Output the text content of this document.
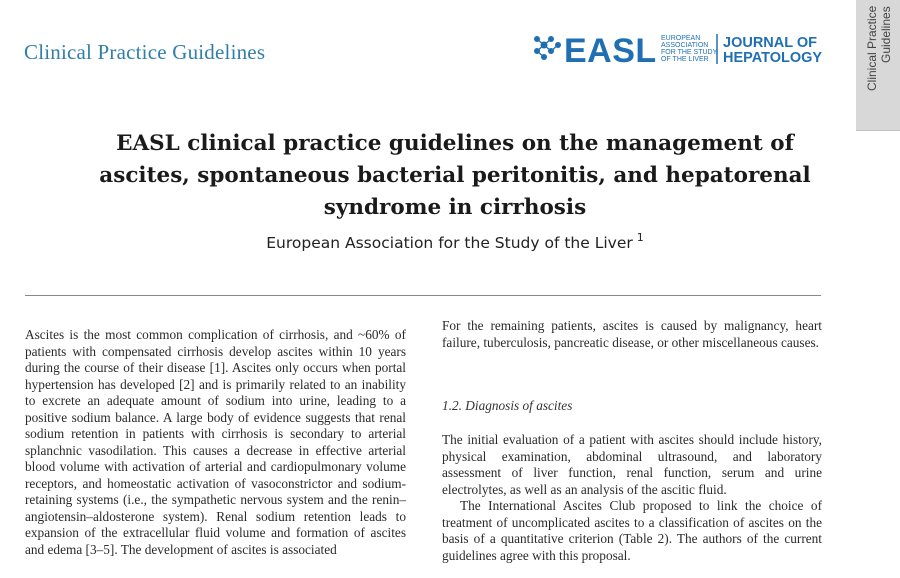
Clinical Practice Guidelines	EASL EUROPEAN
ASSOCIATION
FOR THE STUDY
OF THE LIVER
JOURNAL OF
HEPATOLOGY	Clinical Practice
Guidelines
EASL clinical practice guidelines on the management of
ascites, spontaneous bacterial peritonitis, and hepatorenal
syndrome in cirrhosis
European Association for the Study of the Liver $^1$

Ascites is the most common complication of cirrhosis, and ~60% of patients with compensated cirrhosis develop ascites within 10 years during the course of their disease [1]. Ascites only occurs when portal hypertension has developed [2] and is primarily related to an inability to excrete an adequate amount of sodium into urine, leading to a positive sodium balance. A large body of evidence suggests that renal sodium retention in patients with cirrhosis is secondary to arterial splanchnic vasodilation. This causes a decrease in effective arterial blood volume with activation of arterial and cardiopulmonary volume receptors, and homeostatic activation of vasoconstrictor and sodium-retaining systems (i.e., the sympathetic nervous system and the renin–angiotensin–aldosterone system). Renal sodium retention leads to expansion of the extracellular fluid volume and formation of ascites and edema [3–5]. The development of ascites is associated

For the remaining patients, ascites is caused by malignancy, heart failure, tuberculosis, pancreatic disease, or other miscellaneous causes.

1.2. Diagnosis of ascites

The initial evaluation of a patient with ascites should include history, physical examination, abdominal ultrasound, and laboratory assessment of liver function, renal function, serum and urine electrolytes, as well as an analysis of the ascitic fluid.

The International Ascites Club proposed to link the choice of treatment of uncomplicated ascites to a classification of ascites on the basis of a quantitative criterion (Table 2). The authors of the current guidelines agree with this proposal.
